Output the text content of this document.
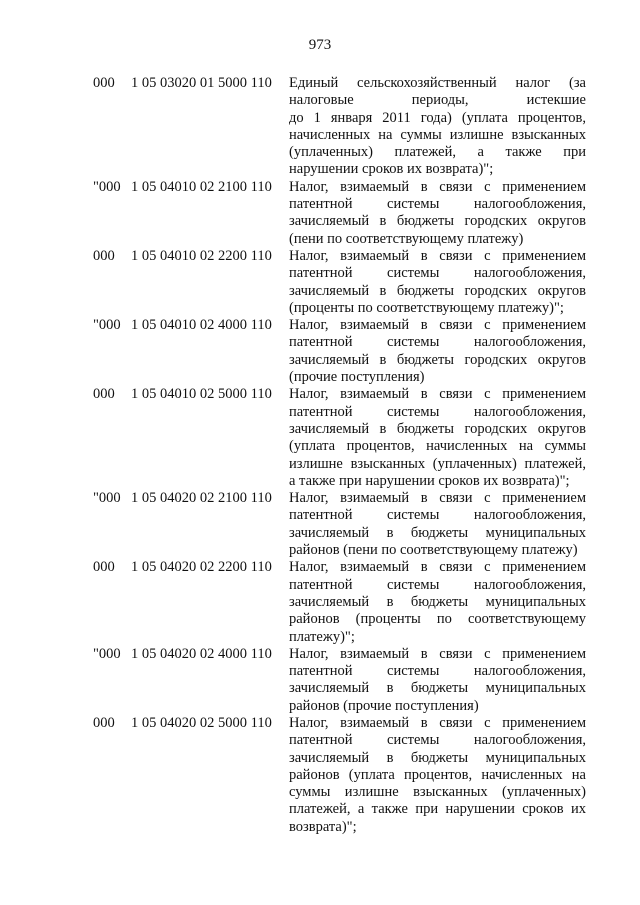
973
000 1 05 03020 01 5000 110 Единый сельскохозяйственный налог (за
налоговые периоды, истекшие
до 1 января 2011 года) (уплата процентов,
начисленных на суммы излишне взысканных
(уплаченных) платежей, а также при
нарушении сроков их возврата)";
"000 1 05 04010 02 2100 110 Налог, взимаемый в связи с применением
патентной системы налогообложения,
зачисляемый в бюджеты городских округов
(пени по соответствующему платежу)
000 1 05 04010 02 2200 110 Налог, взимаемый в связи с применением
патентной системы налогообложения,
зачисляемый в бюджеты городских округов
(проценты по соответствующему платежу)";
"000 1 05 04010 02 4000 110 Налог, взимаемый в связи с применением
патентной системы налогообложения,
зачисляемый в бюджеты городских округов
(прочие поступления)
000 1 05 04010 02 5000 110 Налог, взимаемый в связи с применением
патентной системы налогообложения,
зачисляемый в бюджеты городских округов
(уплата процентов, начисленных на суммы
излишне взысканных (уплаченных) платежей,
а также при нарушении сроков их возврата)";
"000 1 05 04020 02 2100 110 Налог, взимаемый в связи с применением
патентной системы налогообложения,
зачисляемый в бюджеты муниципальных
районов (пени по соответствующему платежу)
000 1 05 04020 02 2200 110 Налог, взимаемый в связи с применением
патентной системы налогообложения,
зачисляемый в бюджеты муниципальных
районов (проценты по соответствующему
платежу)";
"000 1 05 04020 02 4000 110 Налог, взимаемый в связи с применением
патентной системы налогообложения,
зачисляемый в бюджеты муниципальных
районов (прочие поступления)
000 1 05 04020 02 5000 110 Налог, взимаемый в связи с применением
патентной системы налогообложения,
зачисляемый в бюджеты муниципальных
районов (уплата процентов, начисленных на
суммы излишне взысканных (уплаченных)
платежей, а также при нарушении сроков их
возврата)";
